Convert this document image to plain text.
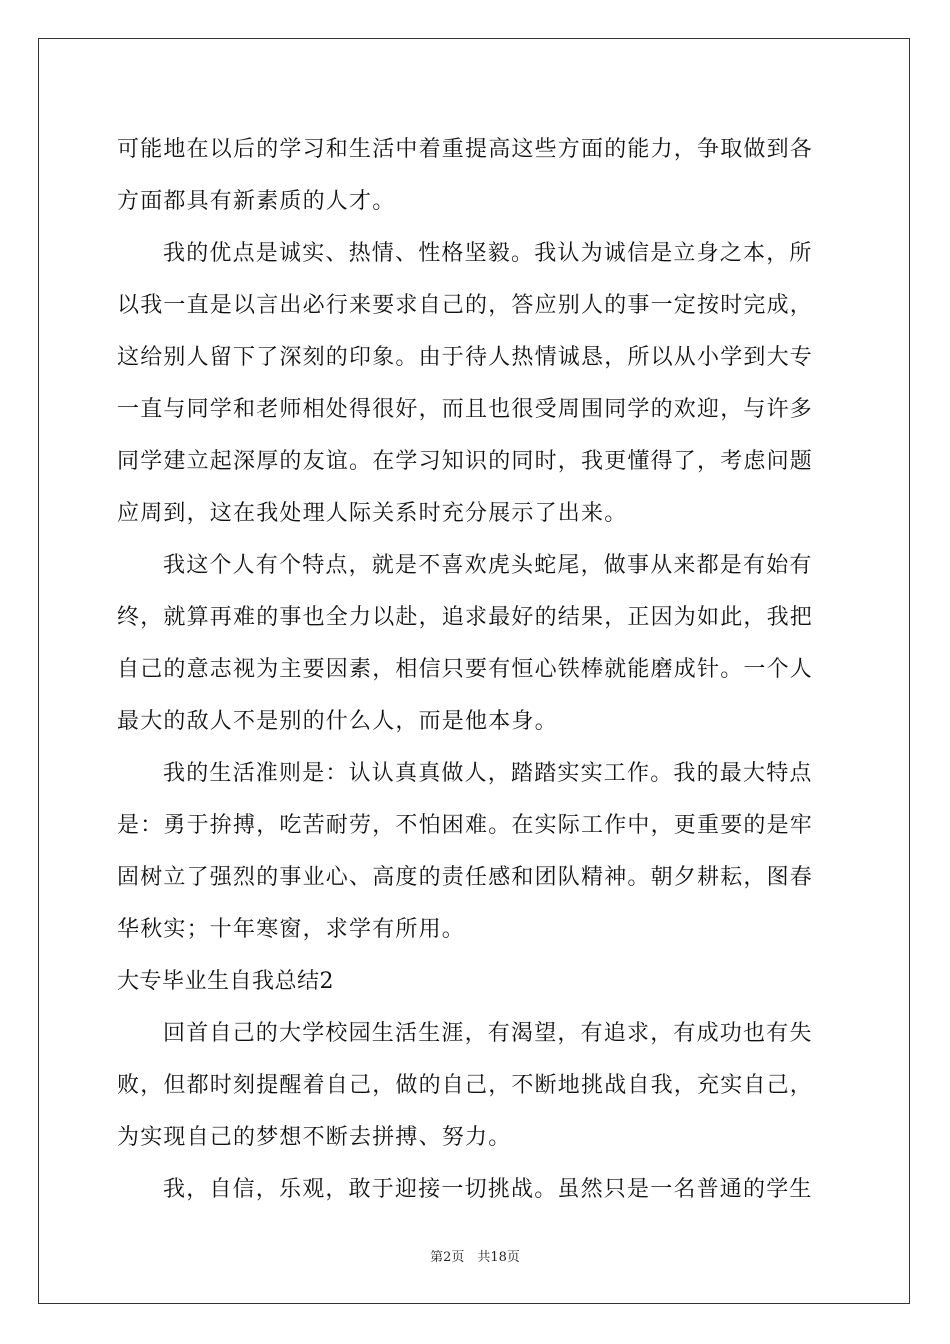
可能地在以后的学习和生活中着重提高这些方面的能力，争取做到各
方面都具有新素质的人才。
我的优点是诚实、热情、性格坚毅。我认为诚信是立身之本，所
以我一直是以言出必行来要求自己的，答应别人的事一定按时完成，
这给别人留下了深刻的印象。由于待人热情诚恳，所以从小学到大专
一直与同学和老师相处得很好，而且也很受周围同学的欢迎，与许多
同学建立起深厚的友谊。在学习知识的同时，我更懂得了，考虑问题
应周到，这在我处理人际关系时充分展示了出来。
我这个人有个特点，就是不喜欢虎头蛇尾，做事从来都是有始有
终，就算再难的事也全力以赴，追求最好的结果，正因为如此，我把
自己的意志视为主要因素，相信只要有恒心铁棒就能磨成针。一个人
最大的敌人不是别的什么人，而是他本身。
我的生活准则是：认认真真做人，踏踏实实工作。我的最大特点
是：勇于拚搏，吃苦耐劳，不怕困难。在实际工作中，更重要的是牢
固树立了强烈的事业心、高度的责任感和团队精神。朝夕耕耘，图春
华秋实；十年寒窗，求学有所用。
大专毕业生自我总结2
回首自己的大学校园生活生涯，有渴望，有追求，有成功也有失
败，但都时刻提醒着自己，做的自己，不断地挑战自我，充实自己，
为实现自己的梦想不断去拼搏、努力。
我，自信，乐观，敢于迎接一切挑战。虽然只是一名普通的学生
第2页　共18页
